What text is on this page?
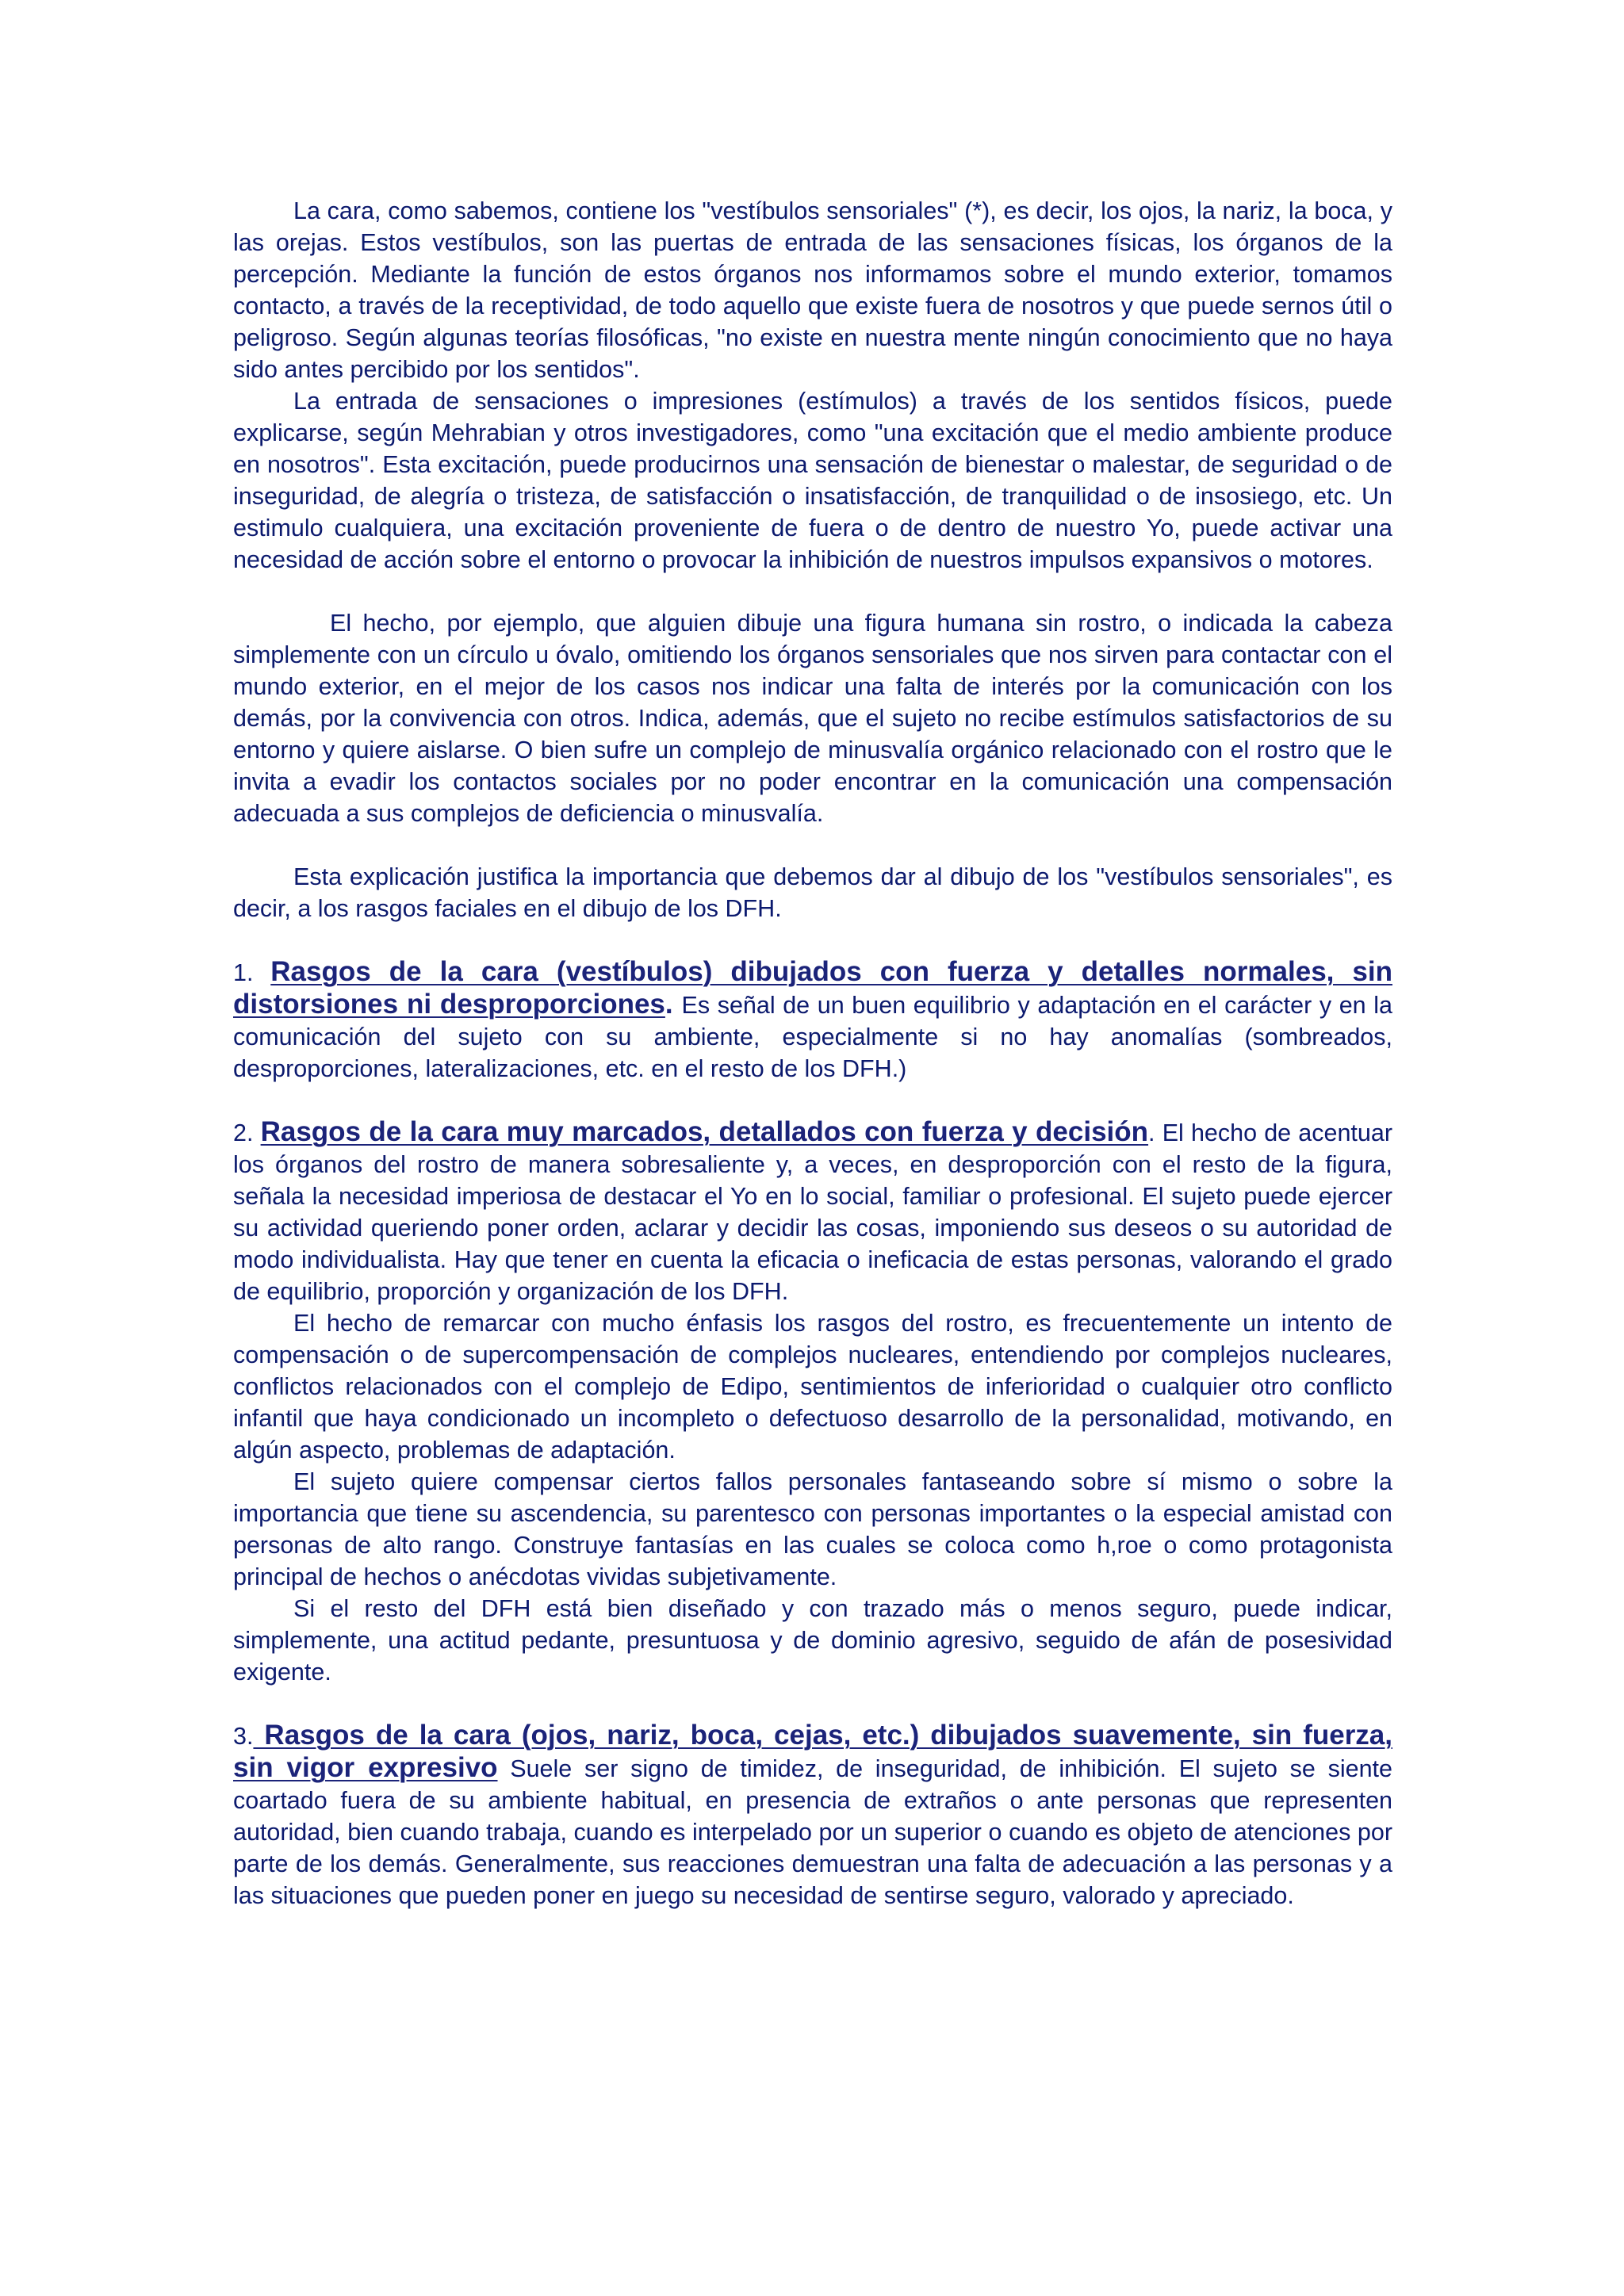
La cara, como sabemos, contiene los "vestíbulos sensoriales" (*), es decir, los ojos, la nariz, la boca, y las orejas. Estos vestíbulos, son las puertas de entrada de las sensaciones físicas, los órganos de la percepción. Mediante la función de estos órganos nos informamos sobre el mundo exterior, tomamos contacto, a través de la receptividad, de todo aquello que existe fuera de nosotros y que puede sernos útil o peligroso. Según algunas teorías filosóficas, "no existe en nuestra mente ningún conocimiento que no haya sido antes percibido por los sentidos".

La entrada de sensaciones o impresiones (estímulos) a través de los sentidos físicos, puede explicarse, según Mehrabian y otros investigadores, como "una excitación que el medio ambiente produce en nosotros". Esta excitación, puede producirnos una sensación de bienestar o malestar, de seguridad o de inseguridad, de alegría o tristeza, de satisfacción o insatisfacción, de tranquilidad o de insosiego, etc. Un estimulo cualquiera, una excitación proveniente de fuera o de dentro de nuestro Yo, puede activar una necesidad de acción sobre el entorno o provocar la inhibición de nuestros impulsos expansivos o motores.

El hecho, por ejemplo, que alguien dibuje una figura humana sin rostro, o indicada la cabeza simplemente con un círculo u óvalo, omitiendo los órganos sensoriales que nos sirven para contactar con el mundo exterior, en el mejor de los casos nos indicar una falta de interés por la comunicación con los demás, por la convivencia con otros. Indica, además, que el sujeto no recibe estímulos satisfactorios de su entorno y quiere aislarse. O bien sufre un complejo de minusvalía orgánico relacionado con el rostro que le invita a evadir los contactos sociales por no poder encontrar en la comunicación una compensación adecuada a sus complejos de deficiencia o minusvalía.

Esta explicación justifica la importancia que debemos dar al dibujo de los "vestíbulos sensoriales", es decir, a los rasgos faciales en el dibujo de los DFH.

1. Rasgos de la cara (vestíbulos) dibujados con fuerza y detalles normales, sin distorsiones ni desproporciones. Es señal de un buen equilibrio y adaptación en el carácter y en la comunicación del sujeto con su ambiente, especialmente si no hay anomalías (sombreados, desproporciones, lateralizaciones, etc. en el resto de los DFH.)

2. Rasgos de la cara muy marcados, detallados con fuerza y decisión. El hecho de acentuar los órganos del rostro de manera sobresaliente y, a veces, en desproporción con el resto de la figura, señala la necesidad imperiosa de destacar el Yo en lo social, familiar o profesional. El sujeto puede ejercer su actividad queriendo poner orden, aclarar y decidir las cosas, imponiendo sus deseos o su autoridad de modo individualista. Hay que tener en cuenta la eficacia o ineficacia de estas personas, valorando el grado de equilibrio, proporción y organización de los DFH.

El hecho de remarcar con mucho énfasis los rasgos del rostro, es frecuentemente un intento de compensación o de supercompensación de complejos nucleares, entendiendo por complejos nucleares, conflictos relacionados con el complejo de Edipo, sentimientos de inferioridad o cualquier otro conflicto infantil que haya condicionado un incompleto o defectuoso desarrollo de la personalidad, motivando, en algún aspecto, problemas de adaptación.

El sujeto quiere compensar ciertos fallos personales fantaseando sobre sí mismo o sobre la importancia que tiene su ascendencia, su parentesco con personas importantes o la especial amistad con personas de alto rango. Construye fantasías en las cuales se coloca como h,roe o como protagonista principal de hechos o anécdotas vividas subjetivamente.

Si el resto del DFH está bien diseñado y con trazado más o menos seguro, puede indicar, simplemente, una actitud pedante, presuntuosa y de dominio agresivo, seguido de afán de posesividad exigente.

3. Rasgos de la cara (ojos, nariz, boca, cejas, etc.) dibujados suavemente, sin fuerza, sin vigor expresivo Suele ser signo de timidez, de inseguridad, de inhibición. El sujeto se siente coartado fuera de su ambiente habitual, en presencia de extraños o ante personas que representen autoridad, bien cuando trabaja, cuando es interpelado por un superior o cuando es objeto de atenciones por parte de los demás. Generalmente, sus reacciones demuestran una falta de adecuación a las personas y a las situaciones que pueden poner en juego su necesidad de sentirse seguro, valorado y apreciado.
